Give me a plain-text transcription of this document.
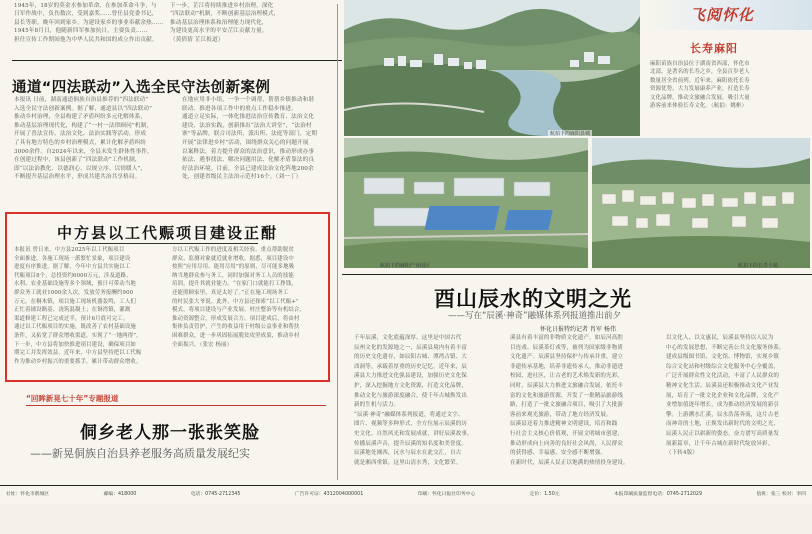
1945年，18岁的莫金水参加革命，在参加革命斗争，与
日军作战中，负伤数次，受到嘉奖……曾任县党委书记，
县长等职。晚年回到家乡，为建设家乡的事业奉献余热……
1945年8月日，他随新四军参加抗日，主要负责……
担任宣传工作期间他为中华人民共和国的成立作出贡献。
通道“四法联动”入选全民守法创新案例
本报讯 日前，湖南通道侗族自治县推荐的“四法联动”
入选全民守法创新案例。据了解，通道县以“四法联动”
推动乡村治理，全县构建了矛盾纠纷多元化解体系，
推动基层治理现代化，构建了“一村一法律顾问”机制，
开展了普法宣传、法治文化、法治实践等活动，形成
了具有地方特色的乡村治理模式，累计化解矛盾纠纷
3000余件。自2024年以来，全县未发生群体性事件。
在创建过程中，该县创新了“四法联动”工作机制，
即“以法治教化、以德润心、以规立序、以情暖人”，
不断提升基层治理水平，形成共建共治共享格局。
在地应用非小组，一争一个调帮，帮帮乡镇推动和谐
联动、推进各项工作中的重点工作稳步推进。
通道立足实际，一体化推进法治宣传教育、法治文化
建设、法治实践，创新推出“法治大讲堂”，“法治村
寨”等品牌，联合司法所、派出所、法庭等部门，定期
开展“法律进乡村”活动，围绕群众关心的问题开展
以案释法，着力提升群众的法治意识，推动形成办事
依法、遇事找法、解决问题用法、化解矛盾靠法的良
好法治环境。目前，全县已建成法治文化阵地200余
处，创建省级民主法治示范村16个。（刘一丁）
中方县以工代赈项目建设正酣
本报讯 曾日来，中方县2025年以工代赈项目
全面推进，各施工现场一派繁忙景象，项目建设
进度有序推进。据了解，今年中方县共实施以工
代赈项目8个，总投资约6000万元，涉及道路、
水利、农业基础设施等多个领域，预计可带动当地
群众务工就业1000余人次，发放劳务报酬约900
万元。在桐木镇，项目施工现场机器轰鸣，工人们
正忙着铺设路基、浇筑混凝土；在铜湾镇，灌溉
渠道修建工程已完成过半，预计6月底可完工。
通过以工代赈项目的实施，既改善了农村基础设施
条件，又拓宽了群众增收渠道，实现了“一地两得”。
下一步，中方县将加快推进项目建设，确保项目如
期完工并发挥效益。近年来，中方县坚持把以工代赈
作为推动乡村振兴的重要抓手，累计带动群众增收。
方以工代赈工作的进度及相关经验，重点帮助脱贫
群众、监测对象就近就业增收。据悉，项目建设中
按照“应用尽用、能用尽用”的原则，尽可能多地吸
纳当地群众参与务工，同时加强对务工人员的技能
培训，提升其就业能力。“在家门口就能打工挣钱，
还能照顾家里，真是太好了。”正在施工现场务工
的村民张大爷说。此外，中方县还探索“以工代赈+”
模式，将项目建设与产业发展、村庄整治等有机结合，
推动资源整合，形成发展合力。项目建成后，将由村
集体负责管护，产生的收益用于村级公益事业和帮扶
困难群众，进一步巩固拓展脱贫攻坚成果，推动乡村
全面振兴。（张宏 杨丽）
“回眸新晃七十年”专题报道
侗乡老人那一张张笑脸
——新晃侗族自治县养老服务高质量发展纪实
下一步，芷江将持续推进乡村治理，深化
“四法联动”机制，不断创新基层治理模式，
推动基层治理体系和治理能力现代化，
为建设更高水平的平安芷江贡献力量。
（黄倩倩 芷江报道）
航拍下的麻阳县城
航拍下的麻阳产业园区	航拍下的长寿小镇
飞阅怀化
长寿麻阳
麻阳苗族自治县位于湖南省西部，怀化市
北部，是著名的长寿之乡，全县百岁老人
数量居全省前列。近年来，麻阳依托长寿
资源优势，大力发展康养产业，打造长寿
文化品牌，推动文旅融合发展，吸引大量
游客前来体验长寿文化。（航拍：姚彬）
酉山辰水的文明之光
——写在“辰溪·神奇”融媒体系列报道推出前夕
怀化日报特约记者 肖军 杨伟
千年辰溪，文化底蕴深厚。这里是中国古代
辰州文化的发源地之一，辰溪县境内有着丰富
的历史文化遗存，如辰阳古城、潭湾古镇、大
酉洞等，承载着厚重的历史记忆。近年来，辰
溪县大力推进文化强县建设，加强历史文化保
护，深入挖掘地方文化资源，打造文化品牌，
推动文化与旅游深度融合，使千年古城焕发出
新的生机与活力。
“辰溪·神奇”融媒体系列报道，将通过文字、
图片、视频等多种形式，全方位展示辰溪的历
史文化、自然风光和发展成就，讲好辰溪故事，
传播辰溪声音，提升辰溪的知名度和美誉度。
辰溪地处湘西，沅水与辰水在此交汇，自古
就是湘西重镇。这里山清水秀，文化繁荣。
溪县有着丰富的非物质文化遗产，如辰河高腔
目连戏、辰溪茶灯戏等，被列为国家级非物质
文化遗产。辰溪县坚持保护与传承并重，建立
非遗传承基地，培养非遗传承人，推动非遗进
校园、进社区，让古老的艺术焕发新的光彩。
同时，辰溪县大力推进文旅融合发展，依托丰
富的文化和旅游资源，开发了一批精品旅游线
路，打造了一批文旅融合项目，吸引了大批游
客前来观光旅游，带动了地方经济发展。
辰溪县还着力推进精神文明建设，培育和践
行社会主义核心价值观，开展文明城市创建，
推动形成向上向善的良好社会风尚，人民群众
的获得感、幸福感、安全感不断增强。
在新时代，辰溪人民正以饱满的热情投身建设。
以文化人、以文惠民，辰溪县坚持以人民为
中心的发展思想，不断完善公共文化服务体系，
建成县级图书馆、文化馆、博物馆，实现乡镇
综合文化站和村级综合文化服务中心全覆盖，
广泛开展群众性文化活动，丰富了人民群众的
精神文化生活。辰溪县还积极推动文化产业发
展，培育了一批文化企业和文化品牌，文化产
业增加值逐年增长，成为推动经济发展的新引
擎。上游溯水汇溪，辰水浩荡奔流，这片古老
而神奇的土地，正焕发出新时代的文明之光，
辰溪人民正以崭新的姿态，奋力谱写高质量发
展新篇章，让千年古城在新时代绽放异彩。
（下转4版）
社址：怀化市鹤城区	邮编：418000	电话：0745-2712345	广告许可证：4312004000001	印刷：怀化日报社印务中心	定价：1.50元	本报印刷质量监督电话：0745-2712029	值班：张三 校对：李四
